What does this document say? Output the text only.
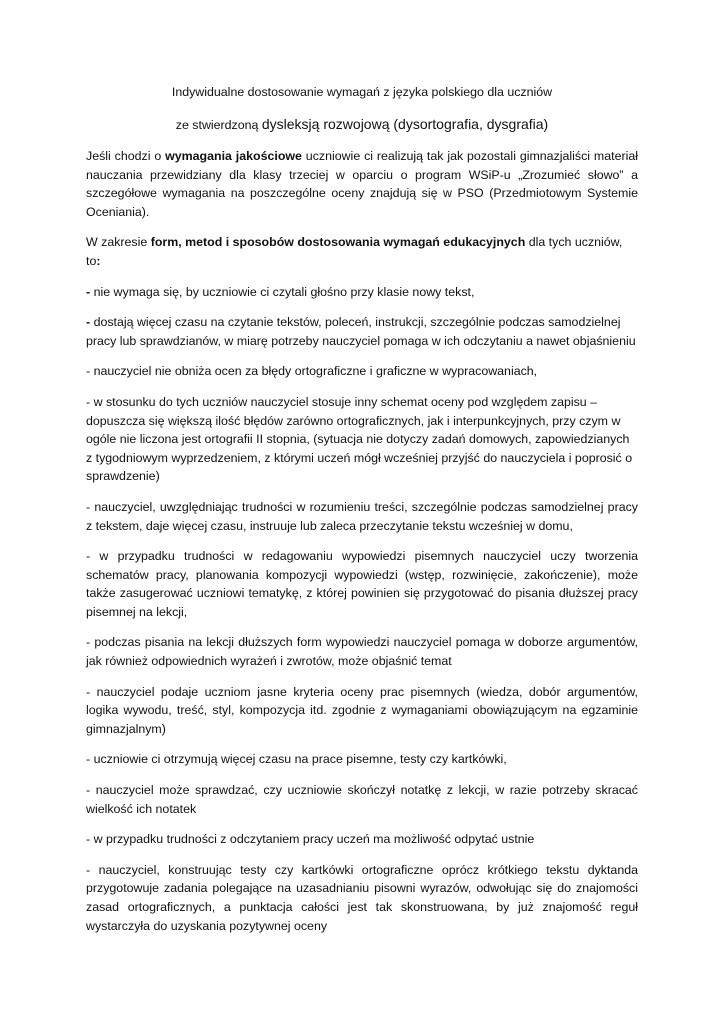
Indywidualne dostosowanie wymagań z języka polskiego dla uczniów

ze stwierdzoną dysleksją rozwojową (dysortografia, dysgrafia)

Jeśli chodzi o wymagania jakościowe uczniowie ci realizują tak jak pozostali gimnazjaliści materiał nauczania przewidziany dla klasy trzeciej w oparciu o program WSiP-u „Zrozumieć słowo” a szczegółowe wymagania na poszczególne oceny znajdują się w PSO (Przedmiotowym Systemie Oceniania).

W zakresie form, metod i sposobów dostosowania wymagań edukacyjnych dla tych uczniów, to:

- nie wymaga się, by uczniowie ci czytali głośno przy klasie nowy tekst,

- dostają więcej czasu na czytanie tekstów, poleceń, instrukcji, szczególnie podczas samodzielnej pracy lub sprawdzianów, w miarę potrzeby nauczyciel pomaga w ich odczytaniu a nawet objaśnieniu

- nauczyciel nie obniża ocen za błędy ortograficzne i graficzne w wypracowaniach,

- w stosunku do tych uczniów nauczyciel stosuje inny schemat oceny pod względem zapisu – dopuszcza się większą ilość błędów zarówno ortograficznych, jak i interpunkcyjnych, przy czym w ogóle nie liczona jest ortografii II stopnia, (sytuacja nie dotyczy zadań domowych, zapowiedzianych z tygodniowym wyprzedzeniem, z którymi uczeń mógł wcześniej przyjść do nauczyciela i poprosić o sprawdzenie)

- nauczyciel, uwzględniając trudności w rozumieniu treści, szczególnie podczas samodzielnej pracy z tekstem, daje więcej czasu, instruuje lub zaleca przeczytanie tekstu wcześniej w domu,

- w przypadku trudności w redagowaniu wypowiedzi pisemnych nauczyciel uczy tworzenia schematów pracy, planowania kompozycji wypowiedzi (wstęp, rozwinięcie, zakończenie), może także zasugerować uczniowi tematykę, z której powinien się przygotować do pisania dłuższej pracy pisemnej na lekcji,

- podczas pisania na lekcji dłuższych form wypowiedzi nauczyciel pomaga w doborze argumentów, jak również odpowiednich wyrażeń i zwrotów, może objaśnić temat

- nauczyciel podaje uczniom jasne kryteria oceny prac pisemnych (wiedza, dobór argumentów, logika wywodu, treść, styl, kompozycja itd. zgodnie z wymaganiami obowiązującym na egzaminie gimnazjalnym)

- uczniowie ci otrzymują więcej czasu na prace pisemne, testy czy kartkówki,

- nauczyciel może sprawdzać, czy uczniowie skończył notatkę z lekcji, w razie potrzeby skracać wielkość ich notatek

- w przypadku trudności z odczytaniem pracy uczeń ma możliwość odpytać ustnie

- nauczyciel, konstruując testy czy kartkówki ortograficzne oprócz krótkiego tekstu dyktanda przygotowuje zadania polegające na uzasadnianiu pisowni wyrazów, odwołując się do znajomości zasad ortograficznych, a punktacja całości jest tak skonstruowana, by już znajomość reguł wystarczyła do uzyskania pozytywnej oceny
